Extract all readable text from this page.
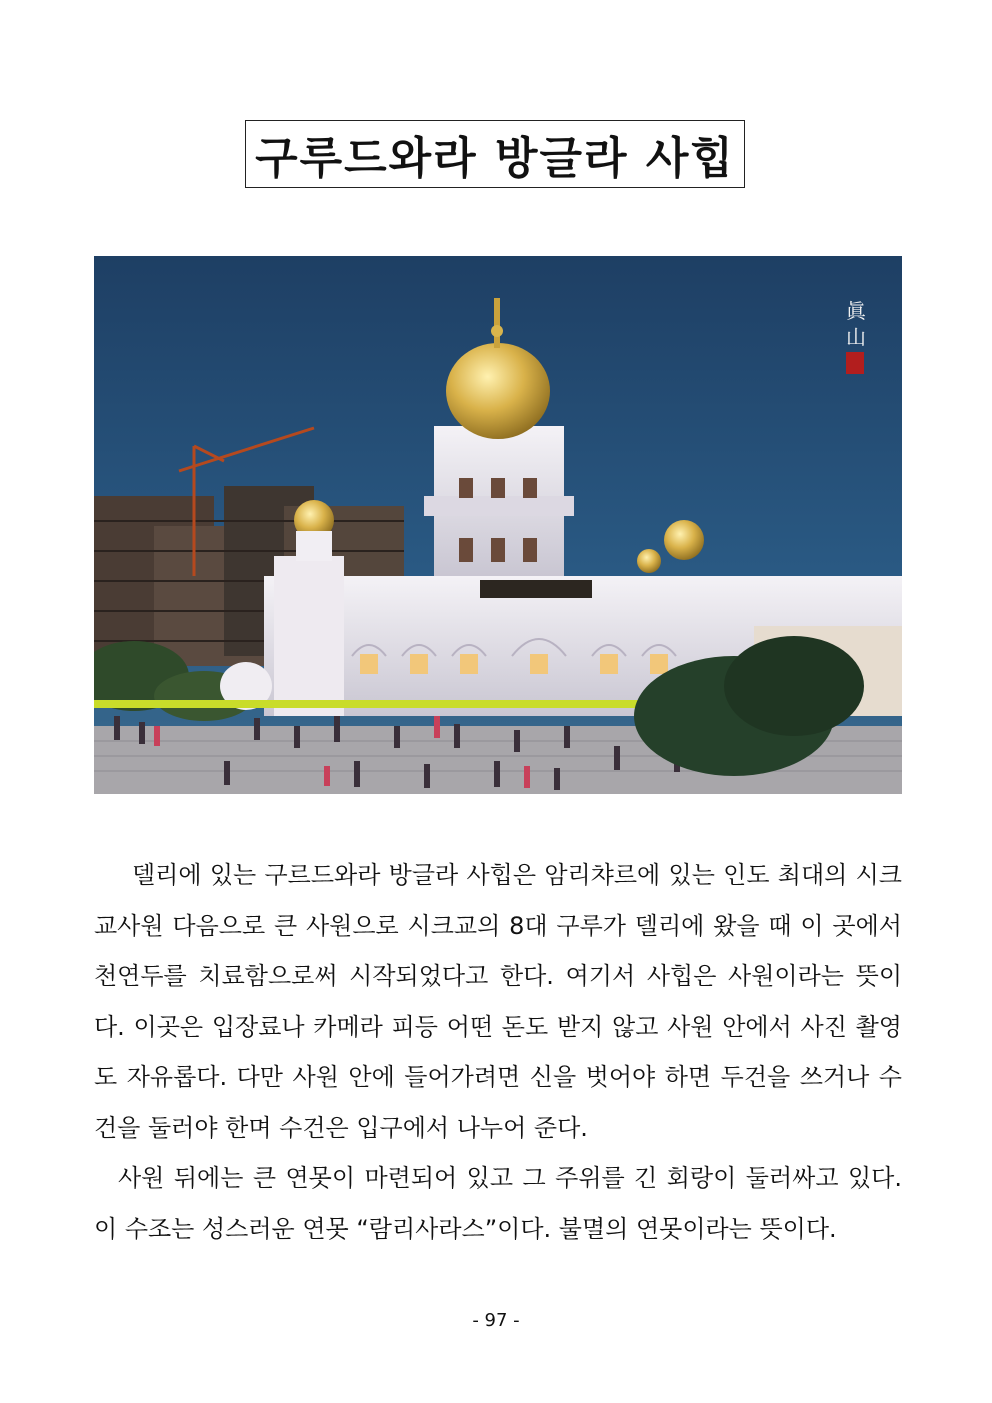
구루드와라 방글라 사힙
眞
山

델리에 있는 구르드와라 방글라 사힙은 암리챠르에 있는 인도 최대의 시크교사원 다음으로 큰 사원으로 시크교의 8대 구루가 델리에 왔을 때 이 곳에서 천연두를 치료함으로써 시작되었다고 한다. 여기서 사힙은 사원이라는 뜻이다. 이곳은 입장료나 카메라 피등 어떤 돈도 받지 않고 사원 안에서 사진 촬영도 자유롭다. 다만 사원 안에 들어가려면 신을 벗어야 하면 두건을 쓰거나 수건을 둘러야 한며 수건은 입구에서 나누어 준다.

사원 뒤에는 큰 연못이 마련되어 있고 그 주위를 긴 회랑이 둘러싸고 있다. 이 수조는 성스러운 연못 “람리사라스”이다. 불멸의 연못이라는 뜻이다.

- 97 -
